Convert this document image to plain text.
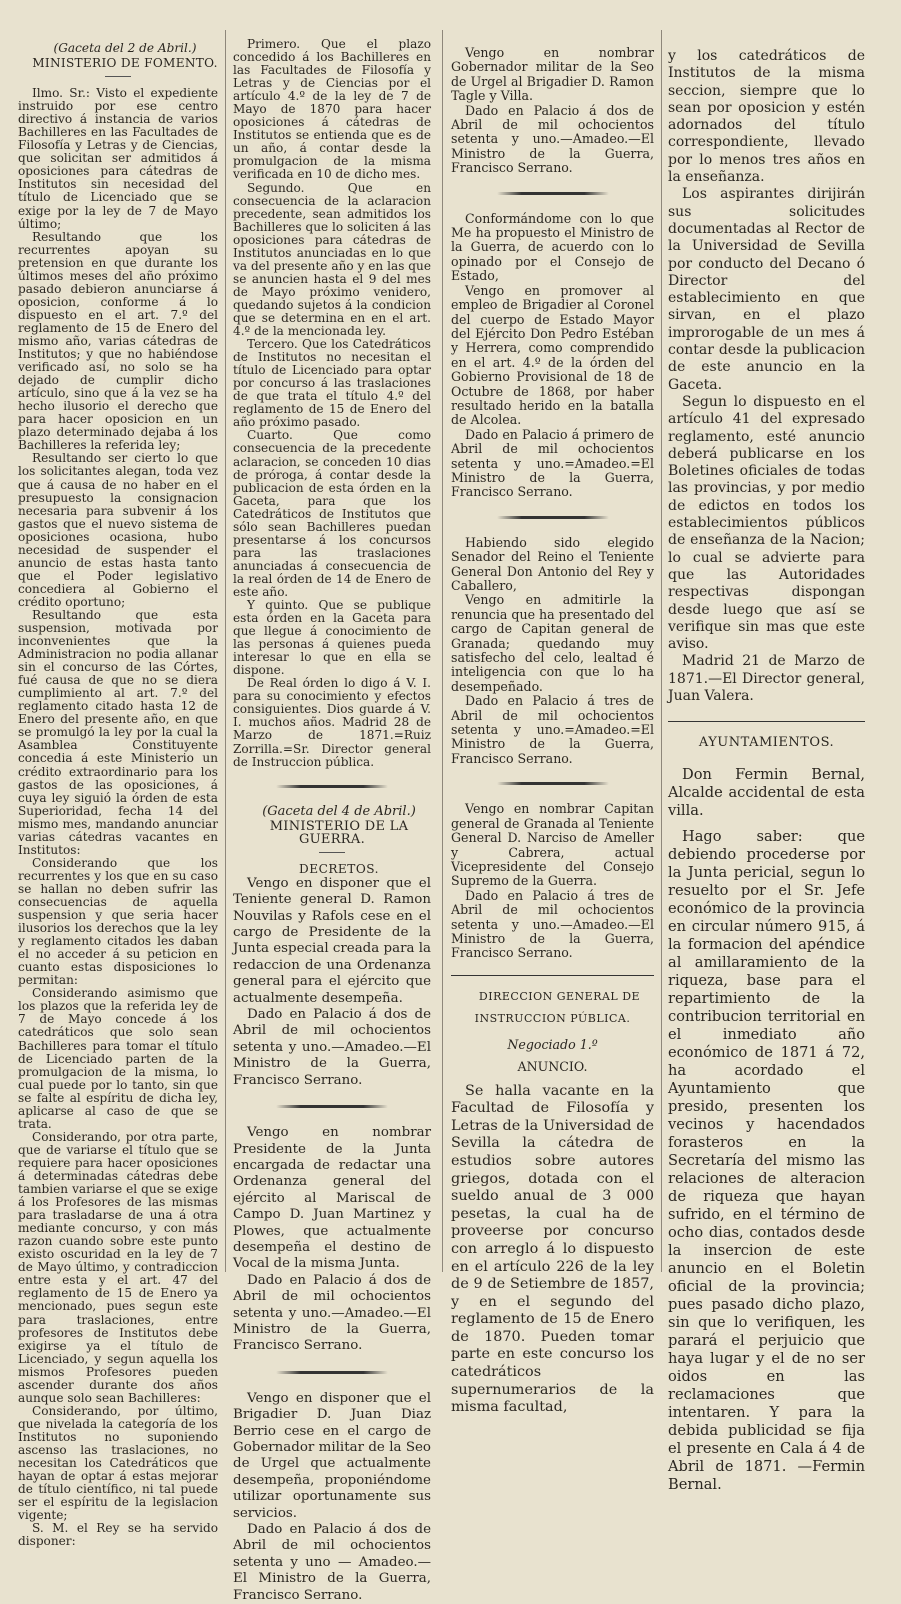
(Gaceta del 2 de Abril.)

MINISTERIO DE FOMENTO.

Ilmo. Sr.: Visto el expediente instruido por ese centro directivo á instancia de varios Bachilleres en las Facultades de Filosofía y Letras y de Ciencias, que solicitan ser admitidos á oposiciones para cátedras de Institutos sin necesidad del título de Licenciado que se exige por la ley de 7 de Mayo último;

Resultando que los recurrentes apoyan su pretension en que durante los últimos meses del año próximo pasado debieron anunciarse á oposicion, conforme á lo dispuesto en el art. 7.º del reglamento de 15 de Enero del mismo año, varias cátedras de Institutos; y que no habiéndose verificado así, no solo se ha dejado de cumplir dicho artículo, sino que á la vez se ha hecho ilusorio el derecho que para hacer oposicion en un plazo determinado dejaba á los Bachilleres la referida ley;

Resultando ser cierto lo que los solicitantes alegan, toda vez que á causa de no haber en el presupuesto la consignacion necesaria para subvenir á los gastos que el nuevo sistema de oposiciones ocasiona, hubo necesidad de suspender el anuncio de estas hasta tanto que el Poder legislativo concediera al Gobierno el crédito oportuno;

Resultando que esta suspension, motivada por inconvenientes que la Administracion no podia allanar sin el concurso de las Córtes, fué causa de que no se diera cumplimiento al art. 7.º del reglamento citado hasta 12 de Enero del presente año, en que se promulgó la ley por la cual la Asamblea Constituyente concedia á este Ministerio un crédito extraordinario para los gastos de las oposiciones, á cuya ley siguió la órden de esta Superioridad, fecha 14 del mismo mes, mandando anunciar varias cátedras vacantes en Institutos:

Considerando que los recurrentes y los que en su caso se hallan no deben sufrir las consecuencias de aquella suspension y que seria hacer ilusorios los derechos que la ley y reglamento citados les daban el no acceder á su peticion en cuanto estas disposiciones lo permitan:

Considerando asimismo que los plazos que la referida ley de 7 de Mayo concede á los catedráticos que solo sean Bachilleres para tomar el título de Licenciado parten de la promulgacion de la misma, lo cual puede por lo tanto, sin que se falte al espíritu de dicha ley, aplicarse al caso de que se trata.

Considerando, por otra parte, que de variarse el título que se requiere para hacer oposiciones á determinadas cátedras debe tambien variarse el que se exige á los Profesores de las mismas para trasladarse de una á otra mediante concurso, y con más razon cuando sobre este punto existo oscuridad en la ley de 7 de Mayo último, y contradiccion entre esta y el art. 47 del reglamento de 15 de Enero ya mencionado, pues segun este para traslaciones, entre profesores de Institutos debe exigirse ya el título de Licenciado, y segun aquella los mismos Profesores pueden ascender durante dos años aunque solo sean Bachilleres:

Considerando, por último, que nivelada la categoría de los Institutos no suponiendo ascenso las traslaciones, no necesitan los Catedráticos que hayan de optar á estas mejorar de título científico, ni tal puede ser el espíritu de la legislacion vigente;

S. M. el Rey se ha servido disponer:

Primero. Que el plazo concedido á los Bachilleres en las Facultades de Filosofía y Letras y de Ciencias por el artículo 4.º de la ley de 7 de Mayo de 1870 para hacer oposiciones á cátedras de Institutos se entienda que es de un año, á contar desde la promulgacion de la misma verificada en 10 de dicho mes.

Segundo. Que en consecuencia de la aclaracion precedente, sean admitidos los Bachilleres que lo soliciten á las oposiciones para cátedras de Institutos anunciadas en lo que va del presente año y en las que se anuncien hasta el 9 del mes de Mayo próximo venidero, quedando sujetos á la condicion que se determina en en el art. 4.º de la mencionada ley.

Tercero. Que los Catedráticos de Institutos no necesitan el título de Licenciado para optar por concurso á las traslaciones de que trata el título 4.º del reglamento de 15 de Enero del año próximo pasado.

Cuarto. Que como consecuencia de la precedente aclaracion, se conceden 10 dias de prórog​a, á contar desde la publicacion de esta órden en la Gaceta, para que los Catedráticos de Institutos que sólo sean Bachilleres puedan presentarse á los concursos para las traslaciones anunciadas á consecuencia de la real órden de 14 de Enero de este año.

Y quinto. Que se publique esta órden en la Gaceta para que llegue á conocimiento de las personas á quienes pueda interesar lo que en ella se dispone.

De Real órden lo digo á V. I. para su conocimiento y efectos consiguientes. Dios guarde á V. I. muchos años. Madrid 28 de Marzo de 1871.=Ruiz Zorrilla.=Sr. Director general de Instruccion pública.

(Gaceta del 4 de Abril.)

MINISTERIO DE LA GUERRA.

DECRETOS.

Vengo en disponer que el Teniente general D. Ramon Nouvilas y Rafols cese en el cargo de Presidente de la Junta especial creada para la redaccion de una Ordenanza general para el ejército que actualmente desempeña.

Dado en Palacio á dos de Abril de mil ochocientos setenta y uno.—Amadeo.—El Ministro de la Guerra, Francisco Serrano.

Vengo en nombrar Presidente de la Junta encargada de redactar una Ordenanza general del ejército al Mariscal de Campo D. Juan Martinez y Plowes, que actualmente desempeña el destino de Vocal de la misma Junta.

Dado en Palacio á dos de Abril de mil ochocientos setenta y uno.—Amadeo.—El Ministro de la Guerra, Francisco Serrano.

Vengo en disponer que el Brigadier D. Juan Diaz Berrio cese en el cargo de Gobernador militar de la Seo de Urgel que actualmente desempeña, proponiéndome utilizar oportunamente sus servicios.

Dado en Palacio á dos de Abril de mil ochocientos setenta y uno — Amadeo.—El Ministro de la Guerra, Francisco Serrano.

Vengo en nombrar Gobernador militar de la Seo de Urgel al Brigadier D. Ramon Tagle y Villa.

Dado en Palacio á dos de Abril de mil ochocientos setenta y uno.—Amadeo.—El Ministro de la Guerra, Francisco Serrano.

Conformándome con lo que Me ha propuesto el Ministro de la Guerra, de acuerdo con lo opinado por el Consejo de Estado,

Vengo en promover al empleo de Brigadier al Coronel del cuerpo de Estado Mayor del Ejército Don Pedro Estéban y Herrera, como comprendido en el art. 4.º de la órden del Gobierno Provisional de 18 de Octubre de 1868, por haber resultado herido en la batalla de Alcolea.

Dado en Palacio á primero de Abril de mil ochocientos setenta y uno.=Amadeo.=El Ministro de la Guerra, Francisco Serrano.

Habiendo sido elegido Senador del Reino el Teniente General Don Antonio del Rey y Caballero,

Vengo en admitirle la renuncia que ha presentado del cargo de Capitan general de Granada; quedando muy satisfecho del celo, lealtad é inteligencia con que lo ha desempeñado.

Dado en Palacio á tres de Abril de mil ochocientos setenta y uno.=Amadeo.=El Ministro de la Guerra, Francisco Serrano.

Vengo en nombrar Capitan general de Granada al Teniente General D. Narciso de Ameller y Cabrera, actual Vicepresidente del Consejo Supremo de la Guerra.

Dado en Palacio á tres de Abril de mil ochocientos setenta y uno.—Amadeo.—El Ministro de la Guerra, Francisco Serrano.

DIRECCION GENERAL DE INSTRUCCION PÚBLICA.

Negociado 1.º

ANUNCIO.

Se halla vacante en la Facultad de Filosofía y Letras de la Universidad de Sevilla la cátedra de estudios sobre autores griegos, dotada con el sueldo anual de 3 000 pesetas, la cual ha de proveerse por concurso con arreglo á lo dispuesto en el artículo 226 de la ley de 9 de Setiembre de 1857, y en el segundo del reglamento de 15 de Enero de 1870. Pueden tomar parte en este concurso los catedráticos supernumerarios de la misma facultad,

y los catedráticos de Institutos de la misma seccion, siempre que lo sean por oposicion y estén adornados del título correspondiente, llevado por lo menos tres años en la enseñanza.

Los aspirantes dirijirán sus solicitudes documentadas al Rector de la Universidad de Sevilla por conducto del Decano ó Director del establecimiento en que sirvan, en el plazo improrogable de un mes á contar desde la publicacion de este anuncio en la Gaceta.

Segun lo dispuesto en el artículo 41 del expresado reglamento, esté anuncio deberá publicarse en los Boletines oficiales de todas las provincias, y por medio de edictos en todos los establecimientos públicos de enseñanza de la Nacion; lo cual se advierte para que las Autoridades respectivas dispongan desde luego que así se verifique sin mas que este aviso.

Madrid 21 de Marzo de 1871.—El Director general, Juan Valera.

AYUNTAMIENTOS.

Don Fermin Bernal, Alcalde accidental de esta villa.

Hago saber: que debiendo procederse por la Junta pericial, segun lo resuelto por el Sr. Jefe económico de la provincia en circular número 915, á la formacion del apéndice al amillaramiento de la riqueza, base para el repartimiento de la contribucion territorial en el inmediato año económico de 1871 á 72, ha acordado el Ayuntamiento que presido, presenten los vecinos y hacendados forasteros en la Secretaría del mismo las relaciones de alteracion de riqueza que hayan sufrido, en el término de ocho dias, contados desde la insercion de este anuncio en el Boletin oficial de la provincia; pues pasado dicho plazo, sin que lo verifiquen, les parará el perjuicio que haya lugar y el de no ser oidos en las reclamaciones que intentaren. Y para la debida publicidad se fija el presente en Cala á 4 de Abril de 1871. —Fermin Bernal.
